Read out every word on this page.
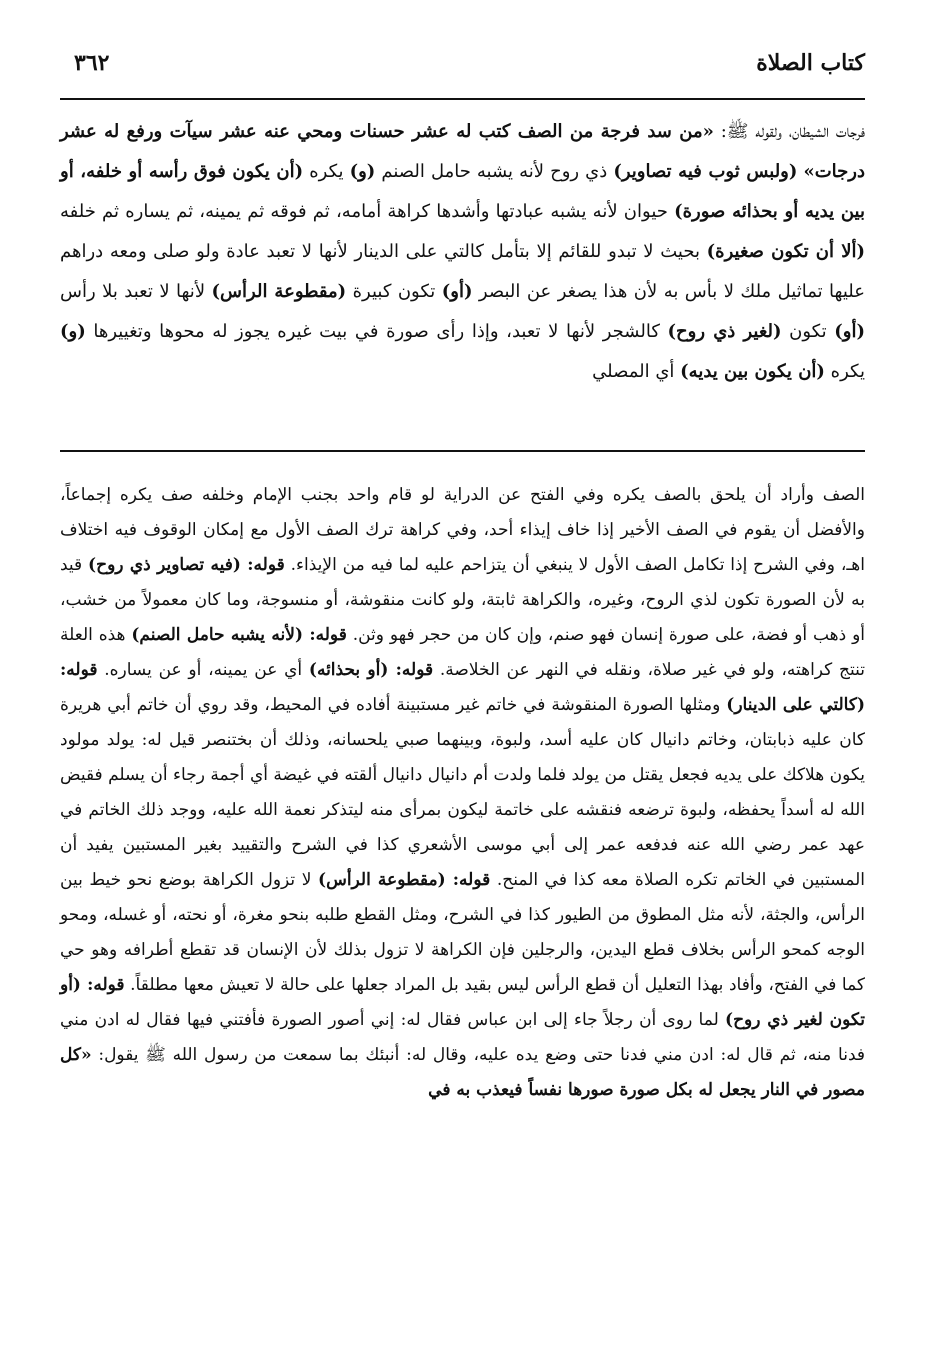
كتاب الصلاة
٣٦٢
فرجات الشيطان، ولقوله ﷺ: «من سد فرجة من الصف كتب له عشر حسنات ومحي عنه عشر سيآت ورفع له عشر درجات» (ولبس ثوب فيه تصاوير) ذي روح لأنه يشبه حامل الصنم (و) يكره (أن يكون فوق رأسه أو خلفه، أو بين يديه أو بحذائه صورة) حيوان لأنه يشبه عبادتها وأشدها كراهة أمامه، ثم فوقه ثم يمينه، ثم يساره ثم خلفه (ألا أن تكون صغيرة) بحيث لا تبدو للقائم إلا بتأمل كالتي على الدينار لأنها لا تعبد عادة ولو صلى ومعه دراهم عليها تماثيل ملك لا بأس به لأن هذا يصغر عن البصر (أو) تكون كبيرة (مقطوعة الرأس) لأنها لا تعبد بلا رأس (أو) تكون (لغير ذي روح) كالشجر لأنها لا تعبد، وإذا رأى صورة في بيت غيره يجوز له محوها وتغييرها (و) يكره (أن يكون بين يديه) أي المصلي
الصف وأراد أن يلحق بالصف يكره وفي الفتح عن الدراية لو قام واحد بجنب الإمام وخلفه صف يكره إجماعاً، والأفضل أن يقوم في الصف الأخير إذا خاف إيذاء أحد، وفي كراهة ترك الصف الأول مع إمكان الوقوف فيه اختلاف اهـ، وفي الشرح إذا تكامل الصف الأول لا ينبغي أن يتزاحم عليه لما فيه من الإيذاء. قوله: (فيه تصاوير ذي روح) قيد به لأن الصورة تكون لذي الروح، وغيره، والكراهة ثابتة، ولو كانت منقوشة، أو منسوجة، وما كان معمولاً من خشب، أو ذهب أو فضة، على صورة إنسان فهو صنم، وإن كان من حجر فهو وثن. قوله: (لأنه يشبه حامل الصنم) هذه العلة تنتج كراهته، ولو في غير صلاة، ونقله في النهر عن الخلاصة. قوله: (أو بحذائه) أي عن يمينه، أو عن يساره. قوله: (كالتي على الدينار) ومثلها الصورة المنقوشة في خاتم غير مستبينة أفاده في المحيط، وقد روي أن خاتم أبي هريرة كان عليه ذبابتان، وخاتم دانيال كان عليه أسد، ولبوة، وبينهما صبي يلحسانه، وذلك أن بختنصر قيل له: يولد مولود يكون هلاكك على يديه فجعل يقتل من يولد فلما ولدت أم دانيال دانيال ألقته في غيضة أي أجمة رجاء أن يسلم فقيض الله له أسداً يحفظه، ولبوة ترضعه فنقشه على خاتمة ليكون بمرأى منه ليتذكر نعمة الله عليه، ووجد ذلك الخاتم في عهد عمر رضي الله عنه فدفعه عمر إلى أبي موسى الأشعري كذا في الشرح والتقييد بغير المستبين يفيد أن المستبين في الخاتم تكره الصلاة معه كذا في المنح. قوله: (مقطوعة الرأس) لا تزول الكراهة بوضع نحو خيط بين الرأس، والجثة، لأنه مثل المطوق من الطيور كذا في الشرح، ومثل القطع طلبه بنحو مغرة، أو نحته، أو غسله، ومحو الوجه كمحو الرأس بخلاف قطع اليدين، والرجلين فإن الكراهة لا تزول بذلك لأن الإنسان قد تقطع أطرافه وهو حي كما في الفتح، وأفاد بهذا التعليل أن قطع الرأس ليس بقيد بل المراد جعلها على حالة لا تعيش معها مطلقاً. قوله: (أو تكون لغير ذي روح) لما روى أن رجلاً جاء إلى ابن عباس فقال له: إني أصور الصورة فأفتني فيها فقال له ادن مني فدنا منه، ثم قال له: ادن مني فدنا حتى وضع يده عليه، وقال له: أنبئك بما سمعت من رسول الله ﷺ يقول: «كل مصور في النار يجعل له بكل صورة صورها نفساً فيعذب به في
